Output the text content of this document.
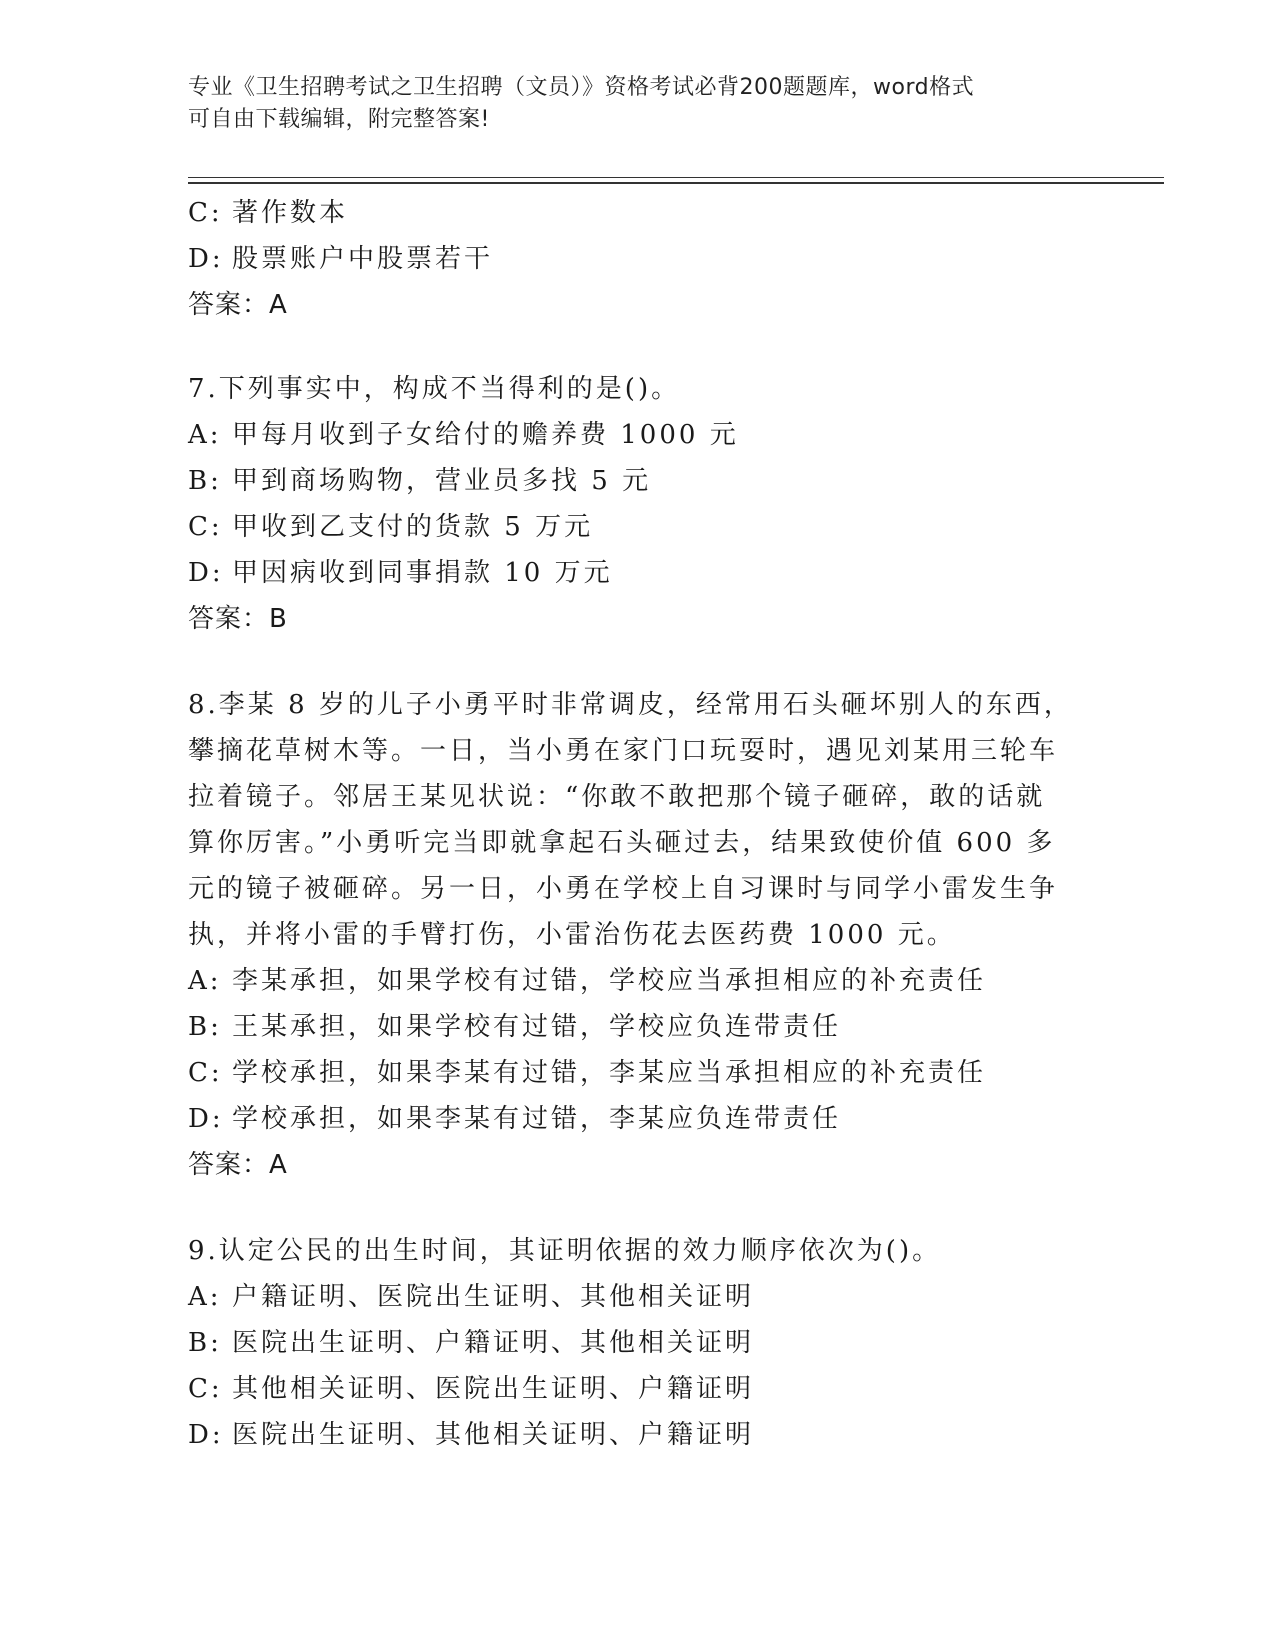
专业《卫生招聘考试之卫生招聘（文员）》资格考试必背200题题库，word格式
可自由下载编辑，附完整答案!
C: 著作数本
D: 股票账户中股票若干
答案：A
7.下列事实中，构成不当得利的是()。
A: 甲每月收到子女给付的赡养费 1000 元
B: 甲到商场购物，营业员多找 5 元
C: 甲收到乙支付的货款 5 万元
D: 甲因病收到同事捐款 10 万元
答案：B
8.李某 8 岁的儿子小勇平时非常调皮，经常用石头砸坏别人的东西，
攀摘花草树木等。一日，当小勇在家门口玩耍时，遇见刘某用三轮车
拉着镜子。邻居王某见状说：“你敢不敢把那个镜子砸碎，敢的话就
算你厉害。”小勇听完当即就拿起石头砸过去，结果致使价值 600 多
元的镜子被砸碎。另一日，小勇在学校上自习课时与同学小雷发生争
执，并将小雷的手臂打伤，小雷治伤花去医药费 1000 元。
A: 李某承担，如果学校有过错，学校应当承担相应的补充责任
B: 王某承担，如果学校有过错，学校应负连带责任
C: 学校承担，如果李某有过错，李某应当承担相应的补充责任
D: 学校承担，如果李某有过错，李某应负连带责任
答案：A
9.认定公民的出生时间，其证明依据的效力顺序依次为()。
A: 户籍证明、医院出生证明、其他相关证明
B: 医院出生证明、户籍证明、其他相关证明
C: 其他相关证明、医院出生证明、户籍证明
D: 医院出生证明、其他相关证明、户籍证明
